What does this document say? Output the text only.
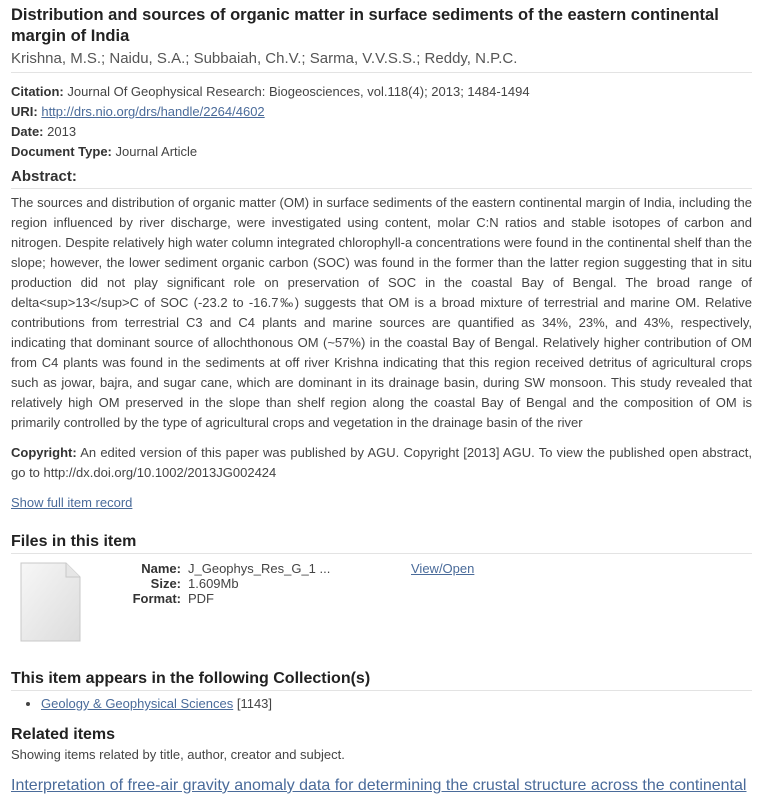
Distribution and sources of organic matter in surface sediments of the eastern continental margin of India
Krishna, M.S.; Naidu, S.A.; Subbaiah, Ch.V.; Sarma, V.V.S.S.; Reddy, N.P.C.
Citation: Journal Of Geophysical Research: Biogeosciences, vol.118(4); 2013; 1484-1494
URI: http://drs.nio.org/drs/handle/2264/4602
Date: 2013
Document Type: Journal Article
Abstract:

The sources and distribution of organic matter (OM) in surface sediments of the eastern continental margin of India, including the region influenced by river discharge, were investigated using content, molar C:N ratios and stable isotopes of carbon and nitrogen. Despite relatively high water column integrated chlorophyll-a concentrations were found in the continental shelf than the slope; however, the lower sediment organic carbon (SOC) was found in the former than the latter region suggesting that in situ production did not play significant role on preservation of SOC in the coastal Bay of Bengal. The broad range of delta<sup>13</sup>C of SOC (-23.2 to -16.7‰) suggests that OM is a broad mixture of terrestrial and marine OM. Relative contributions from terrestrial C3 and C4 plants and marine sources are quantified as 34%, 23%, and 43%, respectively, indicating that dominant source of allochthonous OM (~57%) in the coastal Bay of Bengal. Relatively higher contribution of OM from C4 plants was found in the sediments at off river Krishna indicating that this region received detritus of agricultural crops such as jowar, bajra, and sugar cane, which are dominant in its drainage basin, during SW monsoon. This study revealed that relatively high OM preserved in the slope than shelf region along the coastal Bay of Bengal and the composition of OM is primarily controlled by the type of agricultural crops and vegetation in the drainage basin of the river

Copyright: An edited version of this paper was published by AGU. Copyright [2013] AGU. To view the published open abstract, go to http://dx.doi.org/10.1002/2013JG002424
Show full item record
Files in this item
Name: J_Geophys_Res_G_1 ...
Size: 1.609Mb
Format: PDF
View/Open
This item appears in the following Collection(s)
• Geology & Geophysical Sciences [1143]
Related items
Showing items related by title, author, creator and subject.
Interpretation of free-air gravity anomaly data for determining the crustal structure across the continental
